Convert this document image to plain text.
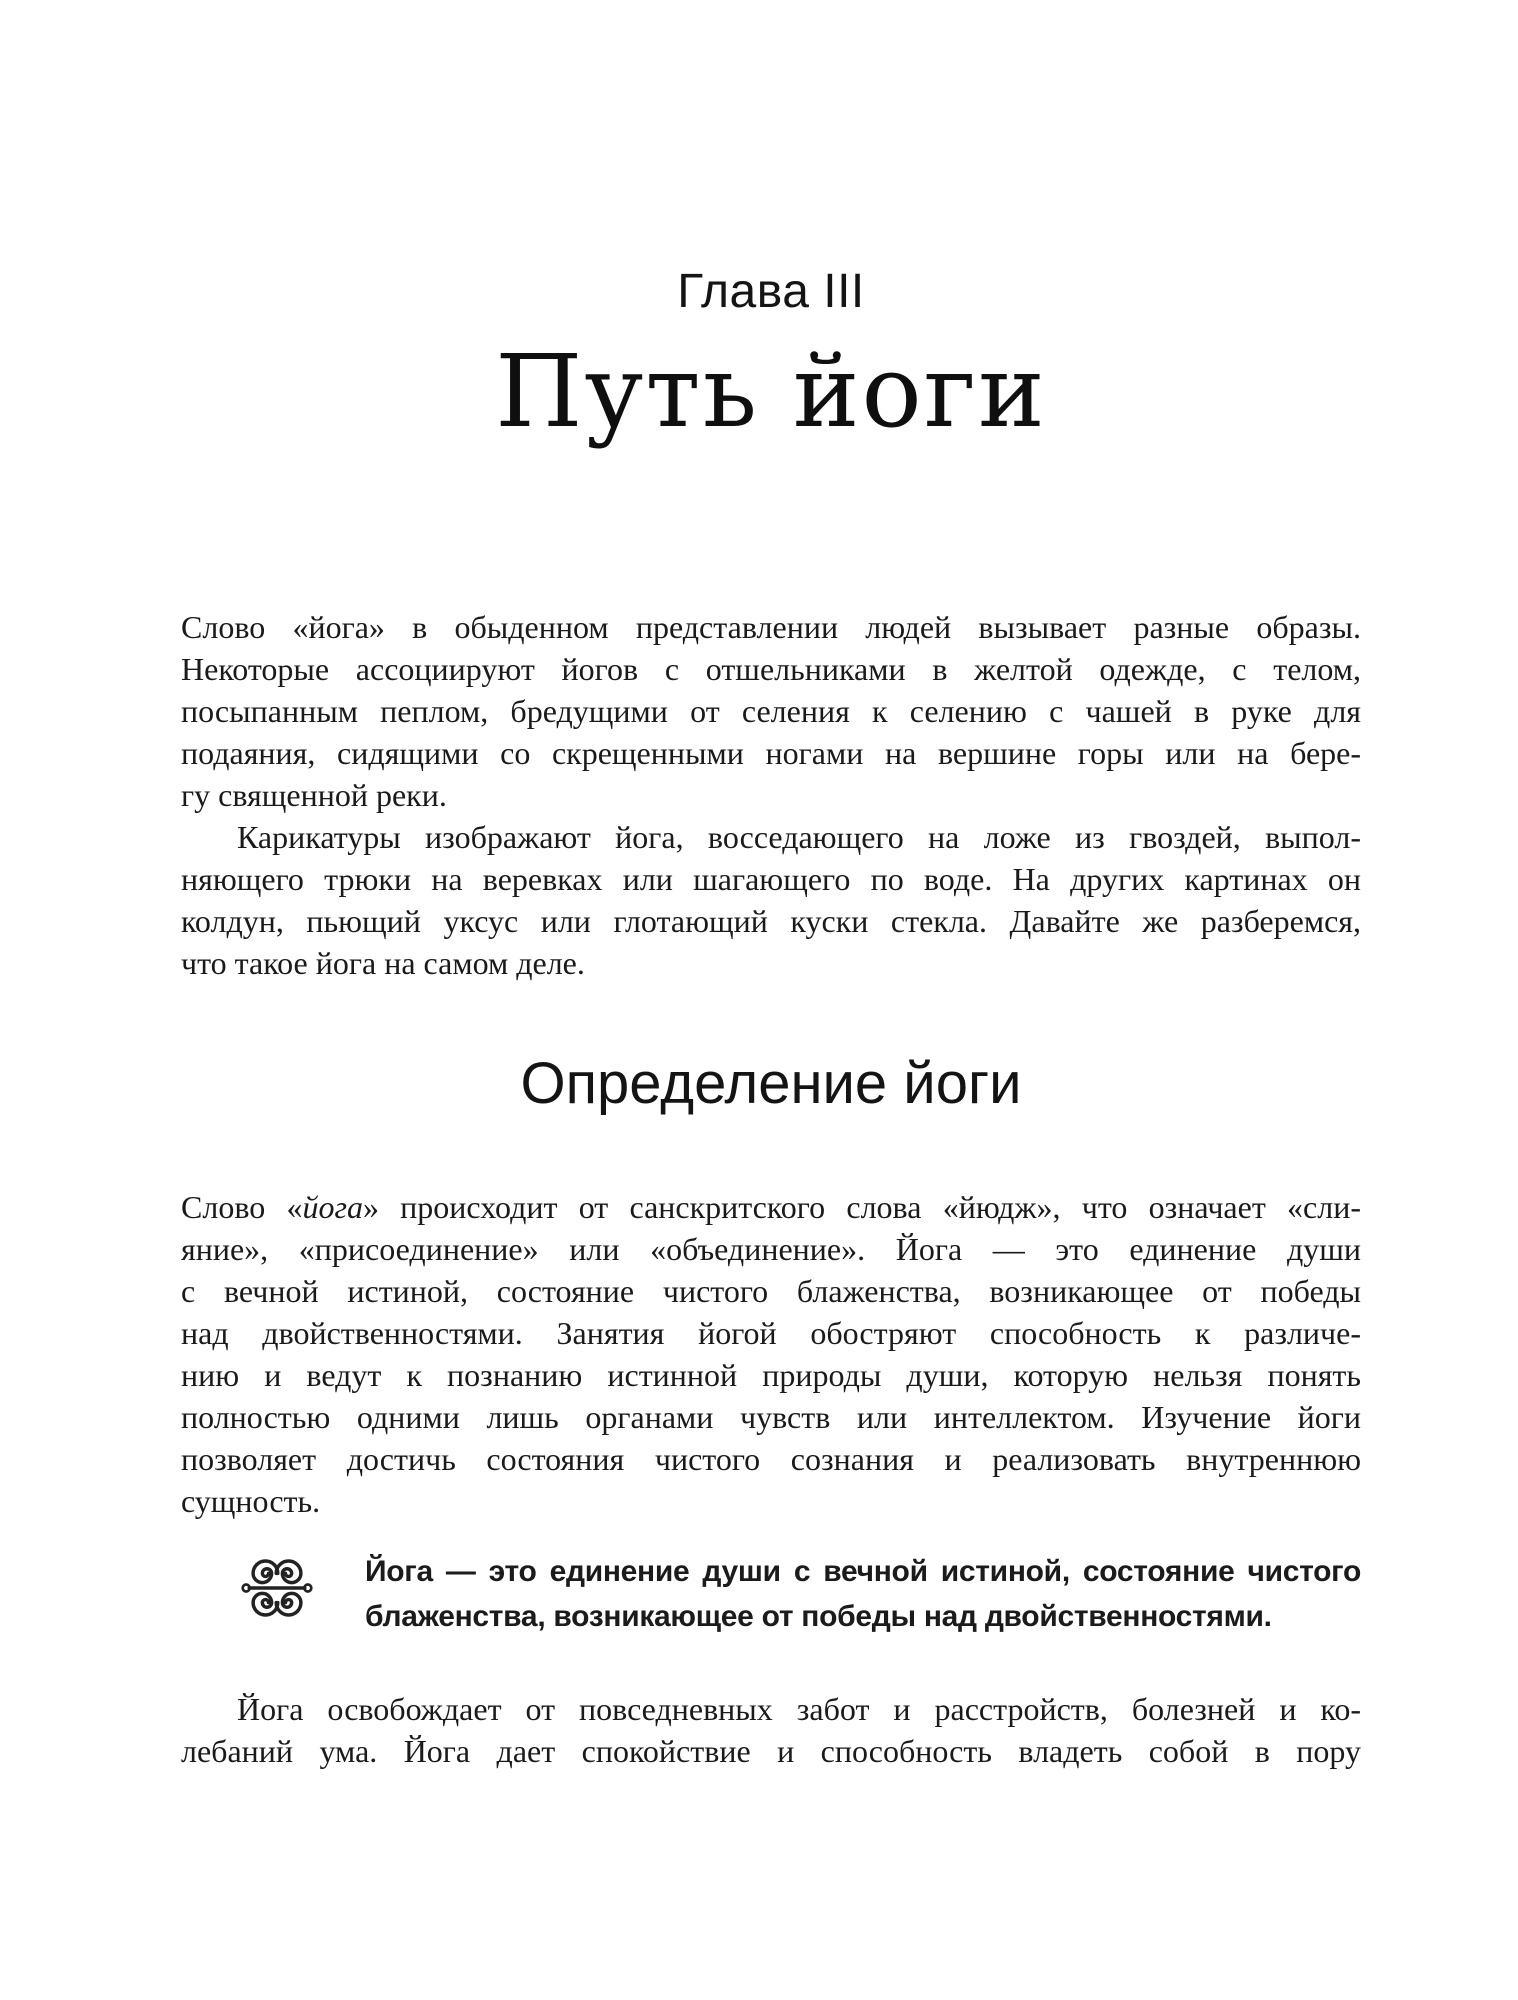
Глава III
Путь йоги
Слово «йога» в обыденном представлении людей вызывает разные образы.
Некоторые ассоциируют йогов с отшельниками в желтой одежде, с телом,
посыпанным пеплом, бредущими от селения к селению с чашей в руке для
подаяния, сидящими со скрещенными ногами на вершине горы или на бере-
гу священной реки.
Карикатуры изображают йога, восседающего на ложе из гвоздей, выпол-
няющего трюки на веревках или шагающего по воде. На других картинах он
колдун, пьющий уксус или глотающий куски стекла. Давайте же разберемся,
что такое йога на самом деле.
Определение йоги
Слово «йога» происходит от санскритского слова «йюдж», что означает «сли-
яние», «присоединение» или «объединение». Йога — это единение души
с вечной истиной, состояние чистого блаженства, возникающее от победы
над двойственностями. Занятия йогой обостряют способность к различе-
нию и ведут к познанию истинной природы души, которую нельзя понять
полностью одними лишь органами чувств или интеллектом. Изучение йоги
позволяет достичь состояния чистого сознания и реализовать внутреннюю
сущность.
Йога — это единение души с вечной истиной, состояние чистого
блаженства, возникающее от победы над двойственностями.
Йога освобождает от повседневных забот и расстройств, болезней и ко-
лебаний ума. Йога дает спокойствие и способность владеть собой в пору
